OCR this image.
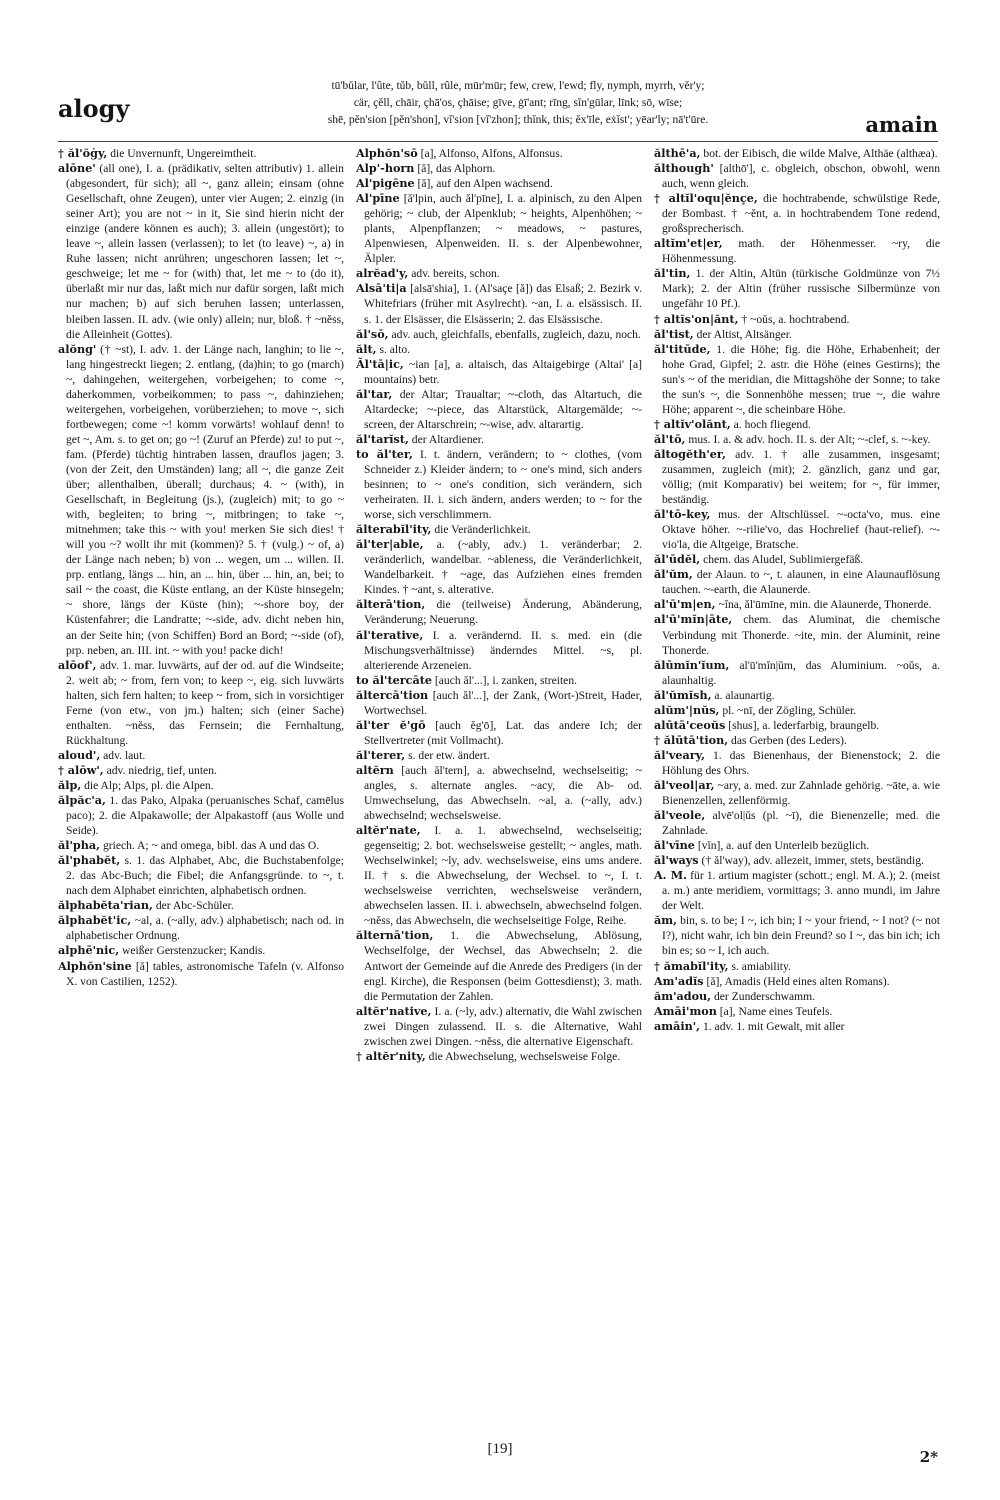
alogy
tū'bŭlar, l'ûte, tŭb, bŭll, rûle, mūr'mūr; few, crew, l'ewd; fly, nymph, myrrh, vĕr'y;
cär, çĕll, chāir, çhā'os, çhāise; gīve, ġī'ant; rīng, sĭn'gūlar, līnk; sō, wīse;
shē, pĕn'sion [pĕn'shon], vĭ'sion [vĭ'zhon]; thĭnk, this; ĕx'īle, eẋĭst'; yēar'ly; nā't'ūre.	amain

† ăl'ŏġy, die Unvernunft, Ungereimtheit.

alōne' (all one), I. a. (prädikativ, selten attributiv) 1. allein (abgesondert, für sich); all ~, ganz allein; einsam (ohne Gesellschaft, ohne Zeugen), unter vier Augen; 2. einzig (in seiner Art); you are not ~ in it, Sie sind hierin nicht der einzige (andere können es auch); 3. allein (ungestört); to leave ~, allein lassen (verlassen); to let (to leave) ~, a) in Ruhe lassen; nicht anrühren; ungeschoren lassen; let ~, geschweige; let me ~ for (with) that, let me ~ to (do it), überlaßt mir nur das, laßt mich nur dafür sorgen, laßt mich nur machen; b) auf sich beruhen lassen; unterlassen, bleiben lassen. II. adv. (wie only) allein; nur, bloß. † ~nĕss, die Alleinheit (Gottes).

alŏng' († ~st), I. adv. 1. der Länge nach, langhin; to lie ~, lang hingestreckt liegen; 2. entlang, (da)hin; to go (march) ~, dahingehen, weitergehen, vorbeigehen; to come ~, daherkommen, vorbeikommen; to pass ~, dahinziehen; weitergehen, vorbeigehen, vorüberziehen; to move ~, sich fortbewegen; come ~! komm vorwärts! wohlauf denn! to get ~, Am. s. to get on; go ~! (Zuruf an Pferde) zu! to put ~, fam. (Pferde) tüchtig hintraben lassen, drauflos jagen; 3. (von der Zeit, den Umständen) lang; all ~, die ganze Zeit über; allenthalben, überall; durchaus; 4. ~ (with), in Gesellschaft, in Begleitung (js.), (zugleich) mit; to go ~ with, begleiten; to bring ~, mitbringen; to take ~, mitnehmen; take this ~ with you! merken Sie sich dies! † will you ~? wollt ihr mit (kommen)? 5. † (vulg.) ~ of, a) der Länge nach neben; b) von ... wegen, um ... willen. II. prp. entlang, längs ... hin, an ... hin, über ... hin, an, bei; to sail ~ the coast, die Küste entlang, an der Küste hinsegeln; ~ shore, längs der Küste (hin); ~-shore boy, der Küstenfahrer; die Landratte; ~-side, adv. dicht neben hin, an der Seite hin; (von Schiffen) Bord an Bord; ~-side (of), prp. neben, an. III. int. ~ with you! packe dich!

alōof', adv. 1. mar. luvwärts, auf der od. auf die Windseite; 2. weit ab; ~ from, fern von; to keep ~, eig. sich luvwärts halten, sich fern halten; to keep ~ from, sich in vorsichtiger Ferne (von etw., von jm.) halten; sich (einer Sache) enthalten. ~nĕss, das Fernsein; die Fernhaltung, Rückhaltung.

aloud', adv. laut.

† alōw', adv. niedrig, tief, unten.

ălp, die Alp; Alps, pl. die Alpen.

ălpăc'a, 1. das Pako, Alpaka (peruanisches Schaf, camēlus paco); 2. die Alpakawolle; der Alpakastoff (aus Wolle und Seide).

ăl'pha, griech. A; ~ and omega, bibl. das A und das O.

ăl'phabĕt, s. 1. das Alphabet, Abc, die Buchstabenfolge; 2. das Abc-Buch; die Fibel; die Anfangsgründe. to ~, t. nach dem Alphabet einrichten, alphabetisch ordnen.

ălphabĕta'rian, der Abc-Schüler.

ălphabĕt'ic, ~al, a. (~ally, adv.) alphabetisch; nach od. in alphabetischer Ordnung.

alphē'nic, weißer Gerstenzucker; Kandis.

Alphŏn'sine [ă] tables, astronomische Tafeln (v. Alfonso X. von Castilien, 1252).

Alphŏn'sō [a], Alfonso, Alfons, Alfonsus.

Alp'-horn [ă], das Alphorn.

Al'pigēne [ă], auf den Alpen wachsend.

Al'pīne [ă'lpin, auch ăl'pīne], I. a. alpinisch, zu den Alpen gehörig; ~ club, der Alpenklub; ~ heights, Alpenhöhen; ~ plants, Alpenpflanzen; ~ meadows, ~ pastures, Alpenwiesen, Alpenweiden. II. s. der Alpenbewohner, Älpler.

alrĕad'y, adv. bereits, schon.

Alsā'ti|a [alsā'shia], 1. (Al'saçe [ă]) das Elsaß; 2. Bezirk v. Whitefriars (früher mit Asylrecht). ~an, I. a. elsässisch. II. s. 1. der Elsässer, die Elsässerin; 2. das Elsässische.

ăl'sō, adv. auch, gleichfalls, ebenfalls, zugleich, dazu, noch.

ălt, s. alto.

Ăl'tā|ic, ~ian [a], a. altaisch, das Altaigebirge (Altai' [a] mountains) betr.

ăl'tar, der Altar; Traualtar; ~-cloth, das Altartuch, die Altardecke; ~-piece, das Altarstück, Altargemälde; ~-screen, der Altarschrein; ~-wise, adv. altarartig.

ăl'tarĭst, der Altardiener.

to ăl'ter, I. t. ändern, verändern; to ~ clothes, (vom Schneider z.) Kleider ändern; to ~ one's mind, sich anders besinnen; to ~ one's condition, sich verändern, sich verheiraten. II. i. sich ändern, anders werden; to ~ for the worse, sich verschlimmern.

ălterabĭl'ity, die Veränderlichkeit.

ăl'ter|able, a. (~ably, adv.) 1. veränderbar; 2. veränderlich, wandelbar. ~ableness, die Veränderlichkeit, Wandelbarkeit. † ~age, das Aufziehen eines fremden Kindes. † ~ant, s. alterative.

ălterā'tion, die (teilweise) Änderung, Abänderung, Veränderung; Neuerung.

ăl'terative, I. a. verändernd. II. s. med. ein (die Mischungsverhältnisse) änderndes Mittel. ~s, pl. alterierende Arzeneien.

to ăl'tercāte [auch ăl'...], i. zanken, streiten.

ăltercā'tion [auch ăl'...], der Zank, (Wort-)Streit, Hader, Wortwechsel.

ăl'ter ĕ'gō [auch ĕg'ō], Lat. das andere Ich; der Stellvertreter (mit Vollmacht).

ăl'terer, s. der etw. ändert.

altĕrn [auch ăl'tern], a. abwechselnd, wechselseitig; ~ angles, s. alternate angles. ~acy, die Ab- od. Umwechselung, das Abwechseln. ~al, a. (~ally, adv.) abwechselnd; wechselsweise.

altĕr'nate, I. a. 1. abwechselnd, wechselseitig; gegenseitig; 2. bot. wechselsweise gestellt; ~ angles, math. Wechselwinkel; ~ly, adv. wechselsweise, eins ums andere. II. † s. die Abwechselung, der Wechsel. to ~, I. t. wechselsweise verrichten, wechselsweise verändern, abwechselen lassen. II. i. abwechseln, abwechselnd folgen. ~nĕss, das Abwechseln, die wechselseitige Folge, Reihe.

ălternā'tion, 1. die Abwechselung, Ablösung, Wechselfolge, der Wechsel, das Abwechseln; 2. die Antwort der Gemeinde auf die Anrede des Predigers (in der engl. Kirche), die Responsen (beim Gottesdienst); 3. math. die Permutation der Zahlen.

altĕr'native, I. a. (~ly, adv.) alternativ, die Wahl zwischen zwei Dingen zulassend. II. s. die Alternative, Wahl zwischen zwei Dingen. ~nĕss, die alternative Eigenschaft.

† altĕr'nity, die Abwechselung, wechselsweise Folge.

ălthē'a, bot. der Eibisch, die wilde Malve, Althäe (althæa).

ălthough' [althō'], c. obgleich, obschon, obwohl, wenn auch, wenn gleich.

† altĭl'oqu|ĕnçe, die hochtrabende, schwülstige Rede, der Bombast. † ~ĕnt, a. in hochtrabendem Tone redend, großsprecherisch.

altĭm'et|er, math. der Höhenmesser. ~ry, die Höhenmessung.

ăl'tin, 1. der Altin, Altün (türkische Goldmünze von 7½ Mark); 2. der Altin (früher russische Silbermünze von ungefähr 10 Pf.).

† altĭs'on|ănt, † ~oŭs, a. hochtrabend.

ăl'tist, der Altist, Altsänger.

ăl'titūde, 1. die Höhe; fig. die Höhe, Erhabenheit; der hohe Grad, Gipfel; 2. astr. die Höhe (eines Gestirns); the sun's ~ of the meridian, die Mittagshöhe der Sonne; to take the sun's ~, die Sonnenhöhe messen; true ~, die wahre Höhe; apparent ~, die scheinbare Höhe.

† altĭv'olănt, a. hoch fliegend.

ăl'tō, mus. I. a. & adv. hoch. II. s. der Alt; ~-clef, s. ~-key.

ăltogĕth'er, adv. 1. † alle zusammen, insgesamt; zusammen, zugleich (mit); 2. gänzlich, ganz und gar, völlig; (mit Komparativ) bei weitem; for ~, für immer, beständig.

ăl'tō-key, mus. der Altschlüssel. ~-octa'vo, mus. eine Oktave höher. ~-rilie'vo, das Hochrelief (haut-relief). ~-vio'la, die Altgeige, Bratsche.

ăl'ūdĕl, chem. das Aludel, Sublimiergefäß.

ăl'ŭm, der Alaun. to ~, t. alaunen, in eine Alaunauflösung tauchen. ~-earth, die Alaunerde.

al'ū'm|en, ~ĭna, ăl'ūmīne, min. die Alaunerde, Thonerde.

al'ū'mĭn|āte, chem. das Aluminat, die chemische Verbindung mit Thonerde. ~ite, min. der Aluminit, reine Thonerde.

ălūmĭn'ĭum, al'ū'mĭn|ŭm, das Aluminium. ~oŭs, a. alaunhaltig.

ăl'ŭmĭsh, a. alaunartig.

alŭm'|nŭs, pl. ~nī, der Zögling, Schüler.

alūtā'ceoŭs [shus], a. lederfarbig, braungelb.

† ălūtā'tion, das Gerben (des Leders).

ăl'veary, 1. das Bienenhaus, der Bienenstock; 2. die Höhlung des Ohrs.

ăl'veol|ar, ~ary, a. med. zur Zahnlade gehörig. ~āte, a. wie Bienenzellen, zellenförmig.

ăl'veole, alvē'ol|ŭs (pl. ~ī), die Bienenzelle; med. die Zahnlade.

ăl'vīne [vĭn], a. auf den Unterleib bezüglich.

ăl'ways († ăl'way), adv. allezeit, immer, stets, beständig.

A. M. für 1. artium magister (schott.; engl. M. A.); 2. (meist a. m.) ante meridiem, vormittags; 3. anno mundi, im Jahre der Welt.

ăm, bin, s. to be; I ~, ich bin; I ~ your friend, ~ I not? (~ not I?), nicht wahr, ich bin dein Freund? so I ~, das bin ich; ich bin es; so ~ I, ich auch.

† ămabĭl'ity, s. amiability.

Am'adĭs [ă], Amadis (Held eines alten Romans).

ăm'adou, der Zunderschwamm.

Amāi'mon [a], Name eines Teufels.

amāin', 1. adv. 1. mit Gewalt, mit aller

[19]	2*
